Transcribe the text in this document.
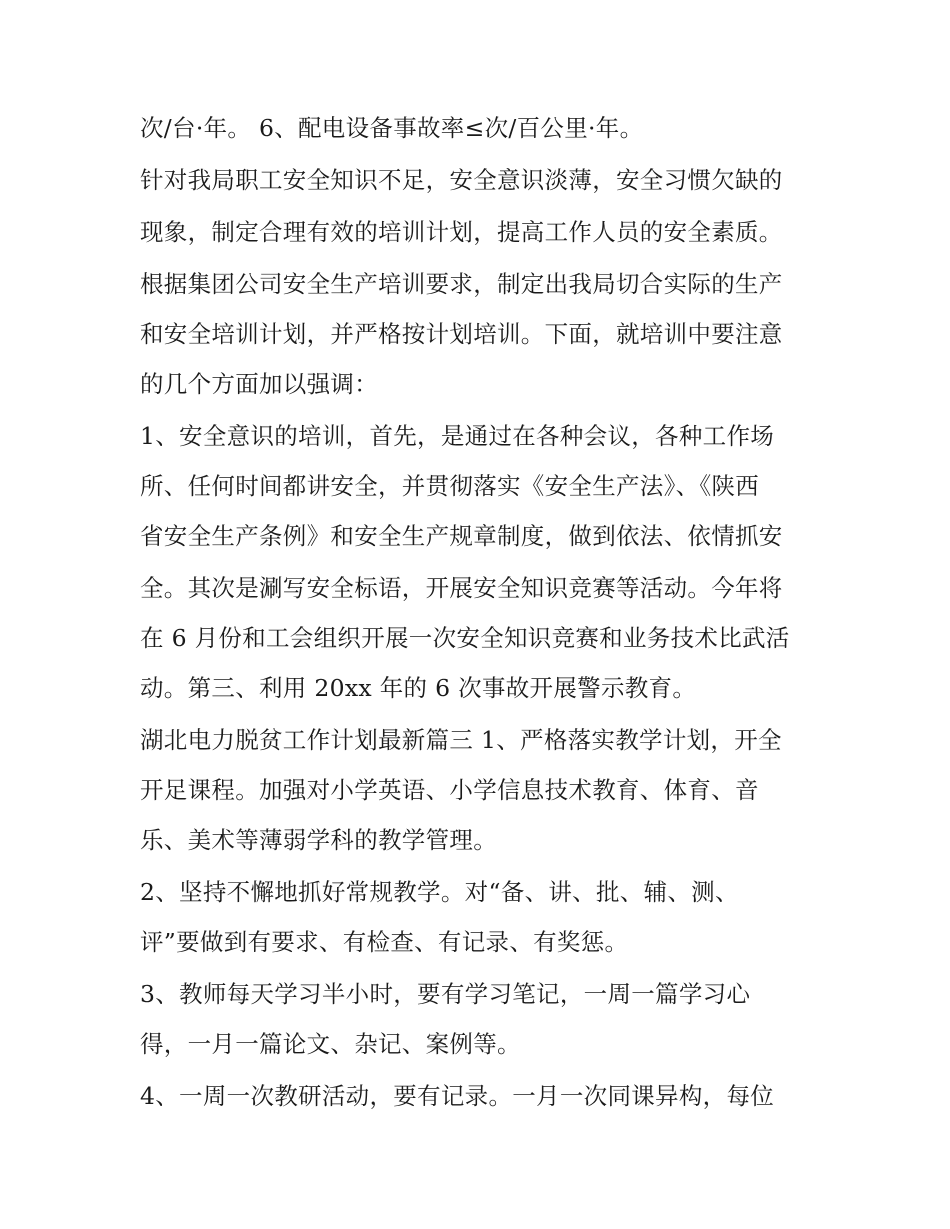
次/台·年。 6、配电设备事故率≤次/百公里·年。
针对我局职工安全知识不足，安全意识淡薄，安全习惯欠缺的
现象，制定合理有效的培训计划，提高工作人员的安全素质。
根据集团公司安全生产培训要求，制定出我局切合实际的生产
和安全培训计划，并严格按计划培训。下面，就培训中要注意
的几个方面加以强调：
1、安全意识的培训，首先，是通过在各种会议，各种工作场
所、任何时间都讲安全，并贯彻落实《安全生产法》、《陕西
省安全生产条例》和安全生产规章制度，做到依法、依情抓安
全。其次是涮写安全标语，开展安全知识竞赛等活动。今年将
在 6 月份和工会组织开展一次安全知识竞赛和业务技术比武活
动。第三、利用 20xx 年的 6 次事故开展警示教育。
湖北电力脱贫工作计划最新篇三 1、严格落实教学计划，开全
开足课程。加强对小学英语、小学信息技术教育、体育、音
乐、美术等薄弱学科的教学管理。
2、坚持不懈地抓好常规教学。对“备、讲、批、辅、测、
评”要做到有要求、有检查、有记录、有奖惩。
3、教师每天学习半小时，要有学习笔记，一周一篇学习心
得，一月一篇论文、杂记、案例等。
4、一周一次教研活动，要有记录。一月一次同课异构，每位
